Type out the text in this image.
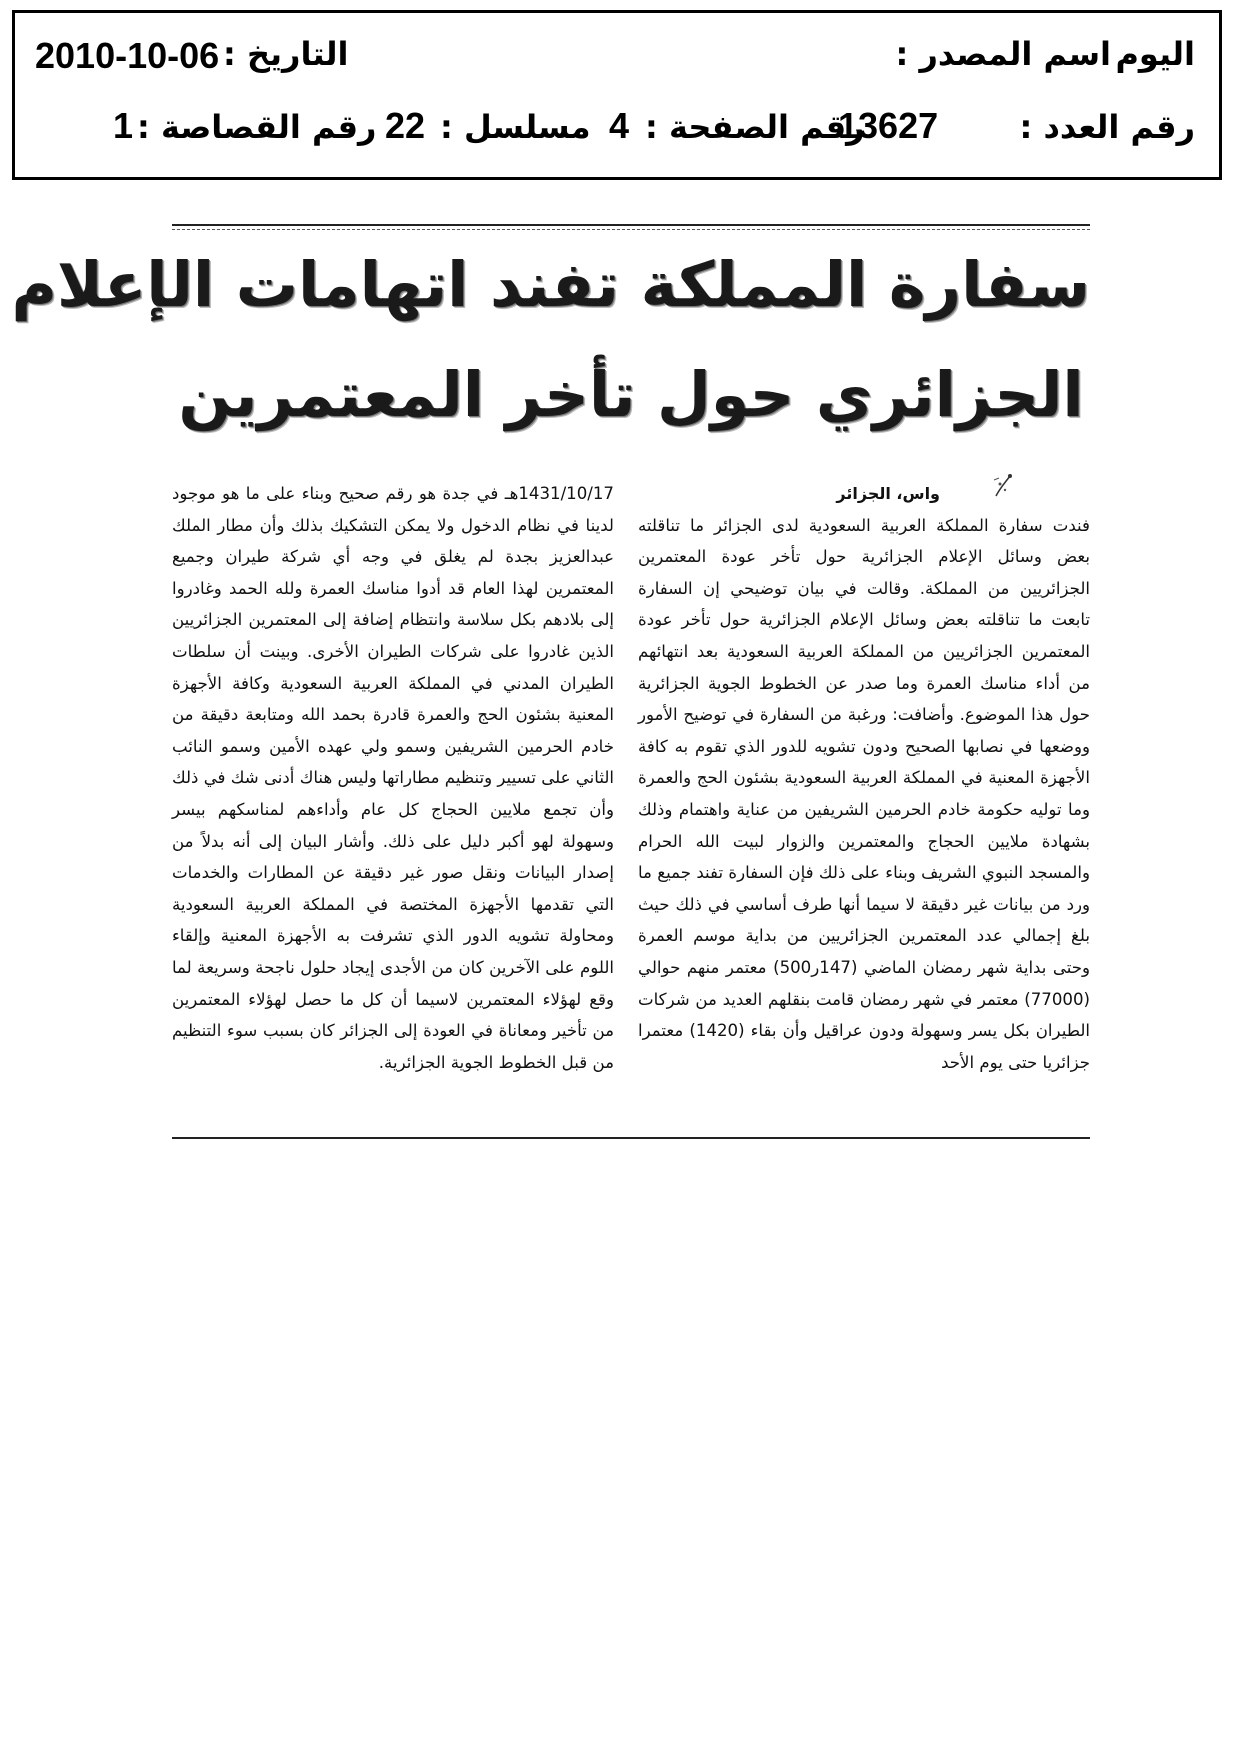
اسم المصدر : اليوم
التاريخ :
2010-10-06
رقم العدد :
13627
رقم الصفحة :
4
مسلسل :
22
رقم القصاصة :
1
سفارة المملكة تفند اتهامات الإعلام
الجزائري حول تأخر المعتمرين
واس، الجزائر
فندت سفارة المملكة العربية السعودية لدى الجزائر ما تناقلته بعض وسائل الإعلام الجزائرية حول تأخر عودة المعتمرين الجزائريين من المملكة. وقالت في بيان توضيحي إن السفارة تابعت ما تناقلته بعض وسائل الإعلام الجزائرية حول تأخر عودة المعتمرين الجزائريين من المملكة العربية السعودية بعد انتهائهم من أداء مناسك العمرة وما صدر عن الخطوط الجوية الجزائرية حول هذا الموضوع. وأضافت: ورغبة من السفارة في توضيح الأمور ووضعها في نصابها الصحيح ودون تشويه للدور الذي تقوم به كافة الأجهزة المعنية في المملكة العربية السعودية بشئون الحج والعمرة وما توليه حكومة خادم الحرمين الشريفين من عناية واهتمام وذلك بشهادة ملايين الحجاج والمعتمرين والزوار لبيت الله الحرام والمسجد النبوي الشريف وبناء على ذلك فإن السفارة تفند جميع ما ورد من بيانات غير دقيقة لا سيما أنها طرف أساسي في ذلك حيث بلغ إجمالي عدد المعتمرين الجزائريين من بداية موسم العمرة وحتى بداية شهر رمضان الماضي (147ر500) معتمر منهم حوالي (77000) معتمر في شهر رمضان قامت بنقلهم العديد من شركات الطيران بكل يسر وسهولة ودون عراقيل وأن بقاء (1420) معتمرا جزائريا حتى يوم الأحد
1431/10/17هـ في جدة هو رقم صحيح وبناء على ما هو موجود لدينا في نظام الدخول ولا يمكن التشكيك بذلك وأن مطار الملك عبدالعزيز بجدة لم يغلق في وجه أي شركة طيران وجميع المعتمرين لهذا العام قد أدوا مناسك العمرة ولله الحمد وغادروا إلى بلادهم بكل سلاسة وانتظام إضافة إلى المعتمرين الجزائريين الذين غادروا على شركات الطيران الأخرى. وبينت أن سلطات الطيران المدني في المملكة العربية السعودية وكافة الأجهزة المعنية بشئون الحج والعمرة قادرة بحمد الله ومتابعة دقيقة من خادم الحرمين الشريفين وسمو ولي عهده الأمين وسمو النائب الثاني على تسيير وتنظيم مطاراتها وليس هناك أدنى شك في ذلك وأن تجمع ملايين الحجاج كل عام وأداءهم لمناسكهم بيسر وسهولة لهو أكبر دليل على ذلك. وأشار البيان إلى أنه بدلاً من إصدار البيانات ونقل صور غير دقيقة عن المطارات والخدمات التي تقدمها الأجهزة المختصة في المملكة العربية السعودية ومحاولة تشويه الدور الذي تشرفت به الأجهزة المعنية وإلقاء اللوم على الآخرين كان من الأجدى إيجاد حلول ناجحة وسريعة لما وقع لهؤلاء المعتمرين لاسيما أن كل ما حصل لهؤلاء المعتمرين من تأخير ومعاناة في العودة إلى الجزائر كان بسبب سوء التنظيم من قبل الخطوط الجوية الجزائرية.
